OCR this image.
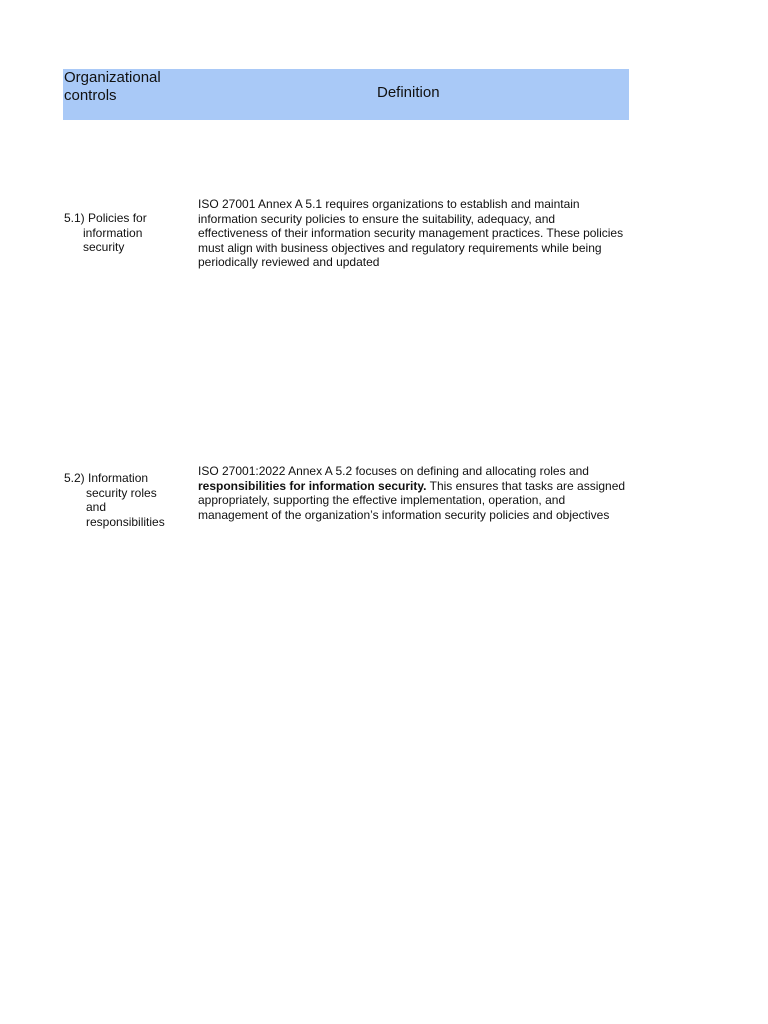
Organizational controls	Definition
5.1) Policies for
information
security
ISO 27001 Annex A 5.1 requires organizations to establish and maintain information security policies to ensure the suitability, adequacy, and effectiveness of their information security management practices. These policies must align with business objectives and regulatory requirements while being periodically reviewed and updated
5.2) Information
security roles
and
responsibilities
ISO 27001:2022 Annex A 5.2 focuses on defining and allocating roles and responsibilities for information security. This ensures that tasks are assigned appropriately, supporting the effective implementation, operation, and management of the organization’s information security policies and objectives
